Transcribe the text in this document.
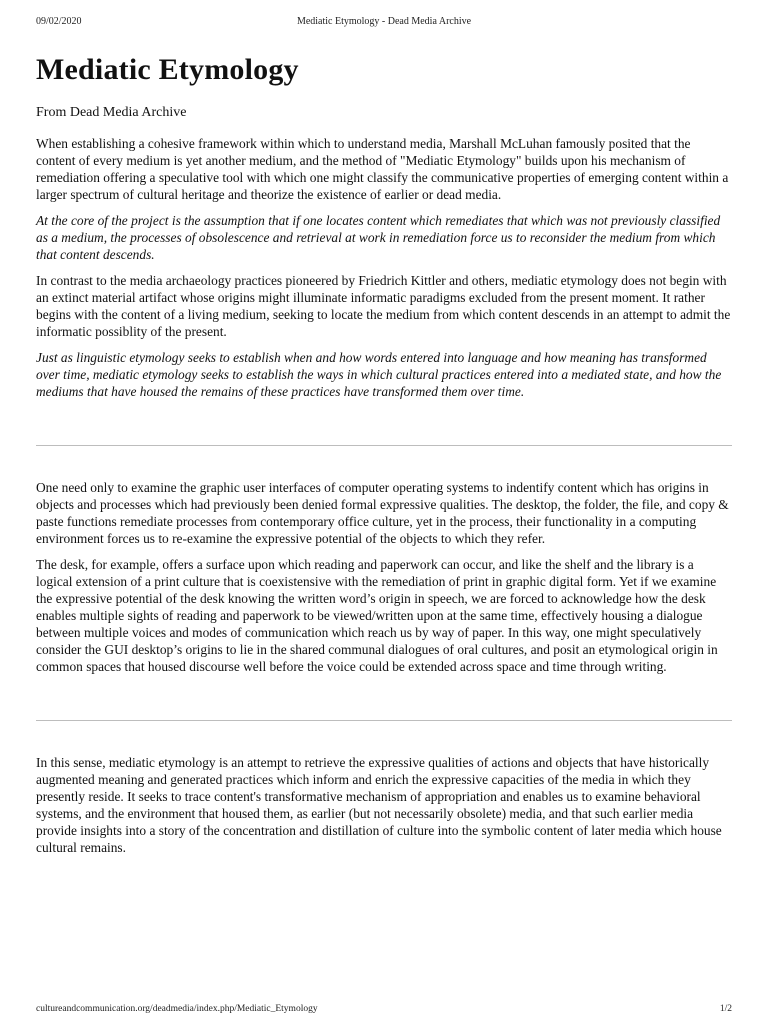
09/02/2020	Mediatic Etymology - Dead Media Archive
Mediatic Etymology
From Dead Media Archive

When establishing a cohesive framework within which to understand media, Marshall McLuhan famously posited that the content of every medium is yet another medium, and the method of "Mediatic Etymology" builds upon his mechanism of remediation offering a speculative tool with which one might classify the communicative properties of emerging content within a larger spectrum of cultural heritage and theorize the existence of earlier or dead media.

At the core of the project is the assumption that if one locates content which remediates that which was not previously classified as a medium, the processes of obsolescence and retrieval at work in remediation force us to reconsider the medium from which that content descends.

In contrast to the media archaeology practices pioneered by Friedrich Kittler and others, mediatic etymology does not begin with an extinct material artifact whose origins might illuminate informatic paradigms excluded from the present moment. It rather begins with the content of a living medium, seeking to locate the medium from which content descends in an attempt to admit the informatic possiblity of the present.

Just as linguistic etymology seeks to establish when and how words entered into language and how meaning has transformed over time, mediatic etymology seeks to establish the ways in which cultural practices entered into a mediated state, and how the mediums that have housed the remains of these practices have transformed them over time.

One need only to examine the graphic user interfaces of computer operating systems to indentify content which has origins in objects and processes which had previously been denied formal expressive qualities. The desktop, the folder, the file, and copy & paste functions remediate processes from contemporary office culture, yet in the process, their functionality in a computing environment forces us to re-examine the expressive potential of the objects to which they refer.

The desk, for example, offers a surface upon which reading and paperwork can occur, and like the shelf and the library is a logical extension of a print culture that is coexistensive with the remediation of print in graphic digital form. Yet if we examine the expressive potential of the desk knowing the written word’s origin in speech, we are forced to acknowledge how the desk enables multiple sights of reading and paperwork to be viewed/written upon at the same time, effectively housing a dialogue between multiple voices and modes of communication which reach us by way of paper. In this way, one might speculatively consider the GUI desktop’s origins to lie in the shared communal dialogues of oral cultures, and posit an etymological origin in common spaces that housed discourse well before the voice could be extended across space and time through writing.

In this sense, mediatic etymology is an attempt to retrieve the expressive qualities of actions and objects that have historically augmented meaning and generated practices which inform and enrich the expressive capacities of the media in which they presently reside. It seeks to trace content's transformative mechanism of appropriation and enables us to examine behavioral systems, and the environment that housed them, as earlier (but not necessarily obsolete) media, and that such earlier media provide insights into a story of the concentration and distillation of culture into the symbolic content of later media which house cultural remains.

cultureandcommunication.org/deadmedia/index.php/Mediatic_Etymology	1/2
